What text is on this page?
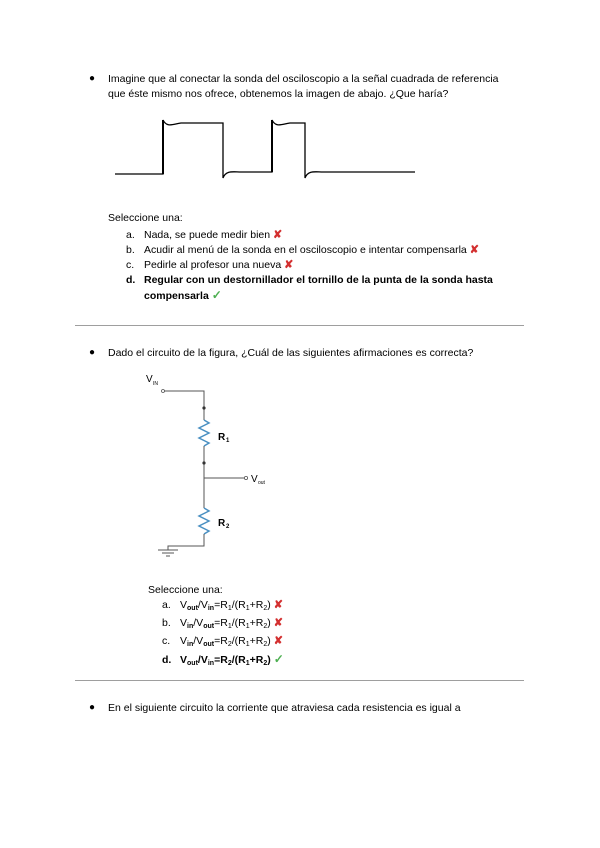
● Imagine que al conectar la sonda del osciloscopio a la señal cuadrada de referencia
que éste mismo nos ofrece, obtenemos la imagen de abajo. ¿Que haría?
Seleccione una:
a. Nada, se puede medir bien ✘
b. Acudir al menú de la sonda en el osciloscopio e intentar compensarla ✘
c. Pedirle al profesor una nueva ✘
d. Regular con un destornillador el tornillo de la punta de la sonda hasta
compensarla ✓
● Dado el circuito de la figura, ¿Cuál de las siguientes afirmaciones es correcta?
V IN
R 1
V out
R 2
Seleccione una:
a. $V_{out}/V_{in}=R_1/(R_1+R_2)$ ✘
b. $V_{in}/V_{out}=R_1/(R_1+R_2)$ ✘
c. $V_{in}/V_{out}=R_2/(R_1+R_2)$ ✘
d. $V_{out}/V_{in}=R_2/(R_1+R_2)$ ✓
● En el siguiente circuito la corriente que atraviesa cada resistencia es igual a
